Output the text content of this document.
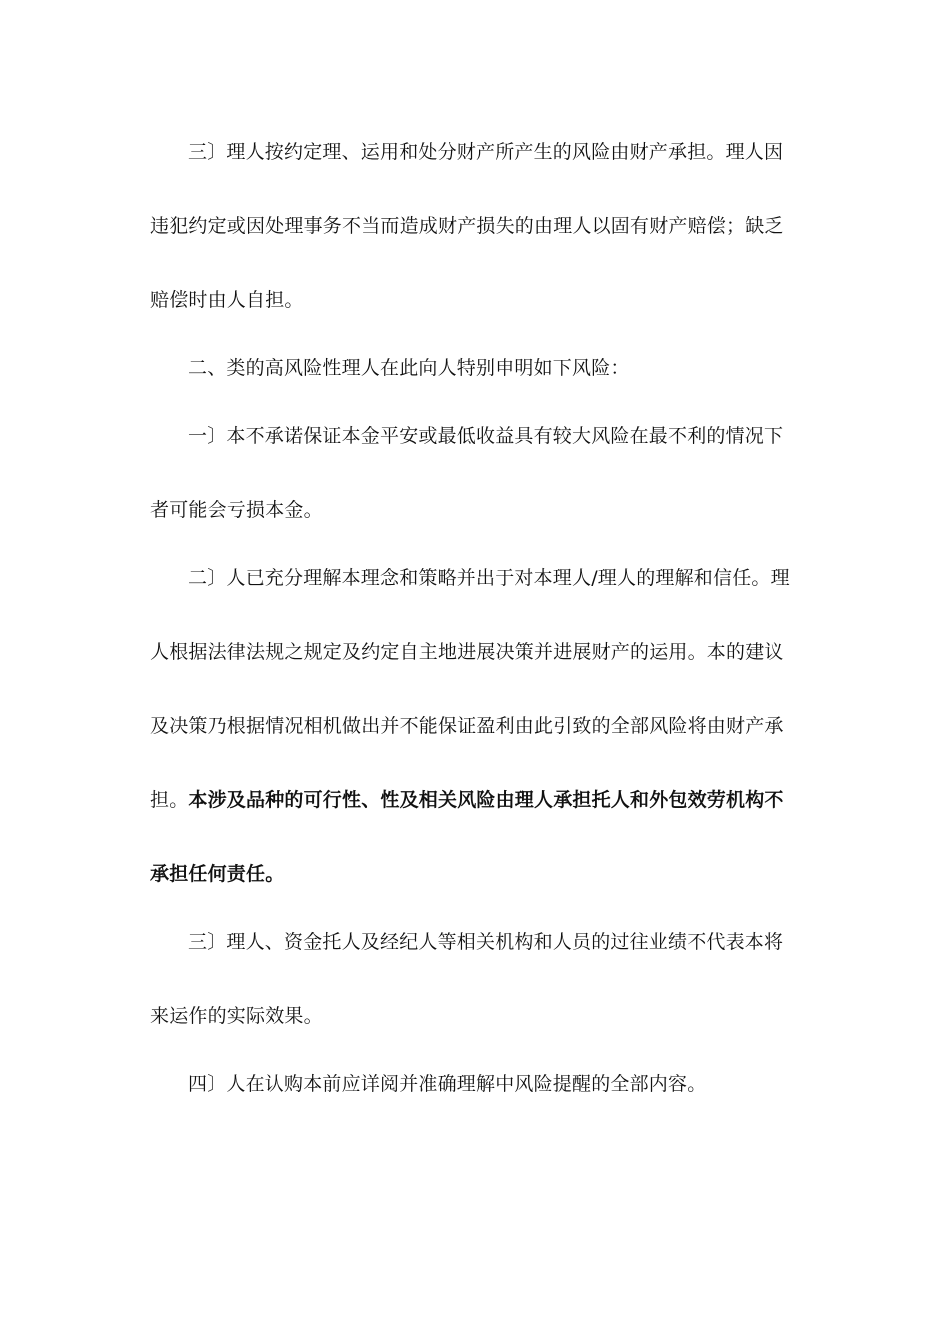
三〕理人按约定理、运用和处分财产所产生的风险由财产承担。理人因
违犯约定或因处理事务不当而造成财产损失的由理人以固有财产赔偿；缺乏
赔偿时由人自担。
二、类的高风险性理人在此向人特别申明如下风险：
一〕本不承诺保证本金平安或最低收益具有较大风险在最不利的情况下
者可能会亏损本金。
二〕人已充分理解本理念和策略并出于对本理人/理人的理解和信任。理
人根据法律法规之规定及约定自主地进展决策并进展财产的运用。本的建议
及决策乃根据情况相机做出并不能保证盈利由此引致的全部风险将由财产承
担。本涉及品种的可行性、性及相关风险由理人承担托人和外包效劳机构不
承担任何责任。
三〕理人、资金托人及经纪人等相关机构和人员的过往业绩不代表本将
来运作的实际效果。
四〕人在认购本前应详阅并准确理解中风险提醒的全部内容。
